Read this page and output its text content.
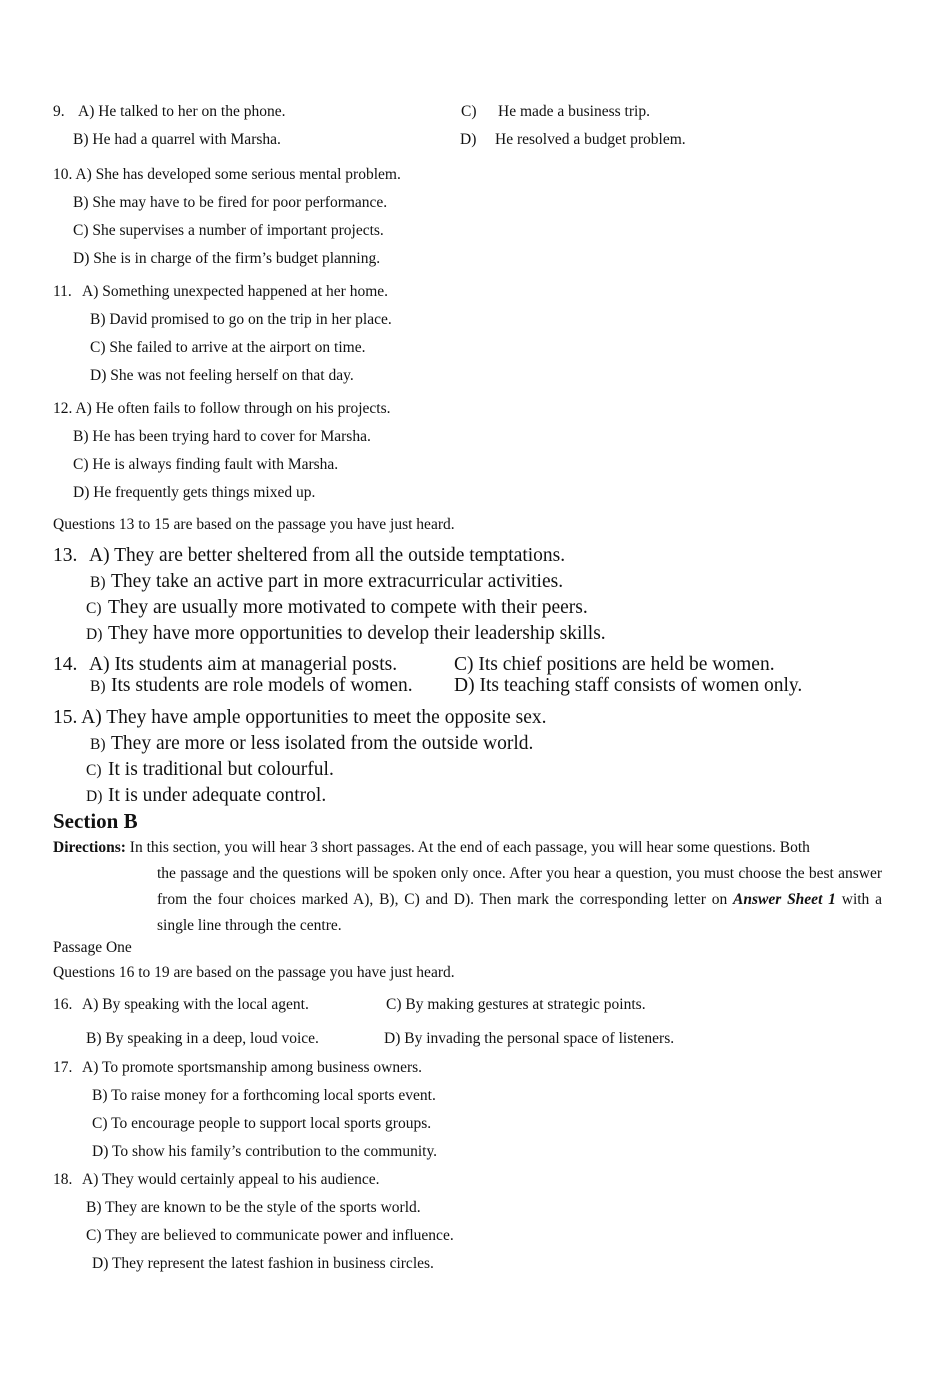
9. A) He talked to her on the phone.
B) He had a quarrel with Marsha.
C) He made a business trip.
D) He resolved a budget problem.
10. A) She has developed some serious mental problem.
B) She may have to be fired for poor performance.
C) She supervises a number of important projects.
D) She is in charge of the firm’s budget planning.
11. A) Something unexpected happened at her home.
B) David promised to go on the trip in her place.
C) She failed to arrive at the airport on time.
D) She was not feeling herself on that day.
12. A) He often fails to follow through on his projects.
B) He has been trying hard to cover for Marsha.
C) He is always finding fault with Marsha.
D) He frequently gets things mixed up.
Questions 13 to 15 are based on the passage you have just heard.
13. A) They are better sheltered from all the outside temptations.
B) They take an active part in more extracurricular activities.
C) They are usually more motivated to compete with their peers.
D) They have more opportunities to develop their leadership skills.
14. A) Its students aim at managerial posts.	C) Its chief positions are held be women.
B) Its students are role models of women. D) Its teaching staff consists of women only.
15. A) They have ample opportunities to meet the opposite sex.
B) They are more or less isolated from the outside world.
C) It is traditional but colourful.
D) It is under adequate control.
Section B
Directions: In this section, you will hear 3 short passages. At the end of each passage, you will hear some questions. Both
the passage and the questions will be spoken only once. After you hear a question, you must choose the best answer from the four choices marked A), B), C) and D). Then mark the corresponding letter on Answer Sheet 1 with a single line through the centre.
Passage One
Questions 16 to 19 are based on the passage you have just heard.
16. A) By speaking with the local agent.	C) By making gestures at strategic points.
B) By speaking in a deep, loud voice.	D) By invading the personal space of listeners.
17. A) To promote sportsmanship among business owners.
B) To raise money for a forthcoming local sports event.
C) To encourage people to support local sports groups.
D) To show his family’s contribution to the community.
18. A) They would certainly appeal to his audience.
B) They are known to be the style of the sports world.
C) They are believed to communicate power and influence.
D) They represent the latest fashion in business circles.
